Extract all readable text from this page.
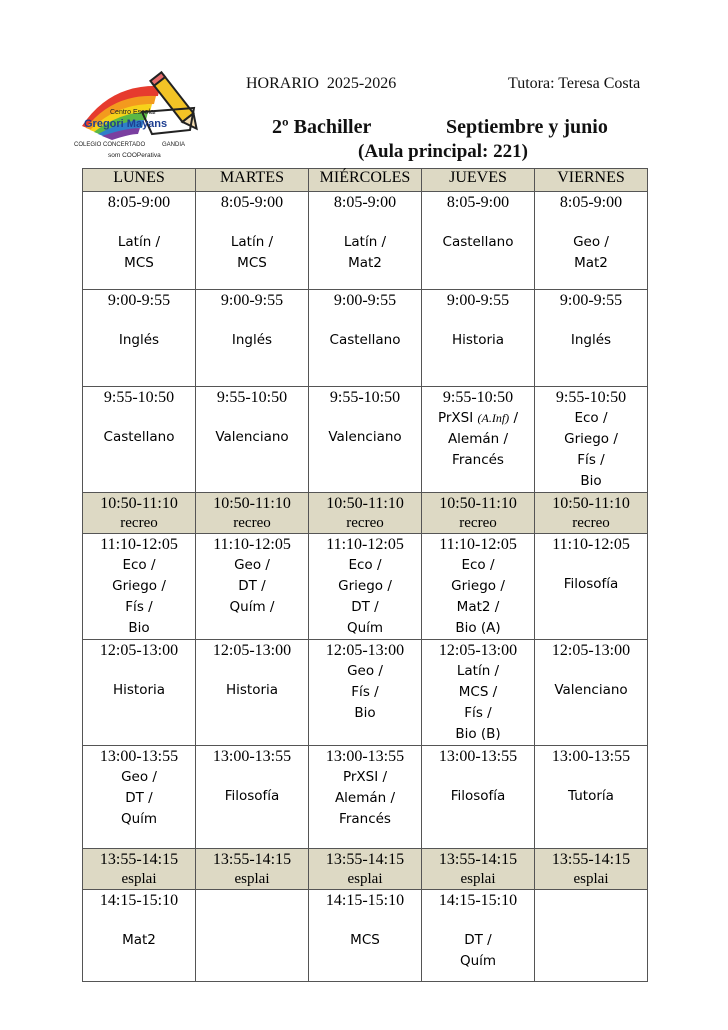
Centro Escolar
Gregori Mayans
COLEGIO CONCERTADO	GANDIA
som COOPerativa
HORARIO  2025-2026	Tutora: Teresa Costa
2º Bachiller	Septiembre y junio
(Aula principal: 221)
LUNES	MARTES	MIÉRCOLES	JUEVES	VIERNES

8:05-9:00
Latín /
MCS	8:05-9:00
Latín /
MCS	8:05-9:00
Latín /
Mat2	8:05-9:00
Castellano	8:05-9:00
Geo /
Mat2

9:00-9:55
Inglés	9:00-9:55
Inglés	9:00-9:55
Castellano	9:00-9:55
Historia	9:00-9:55
Inglés

9:55-10:50
Castellano	9:55-10:50
Valenciano	9:55-10:50
Valenciano	9:55-10:50
PrXSI (A.Inf) /
Alemán /
Francés	9:55-10:50
Eco /
Griego /
Fís /
Bio

10:50-11:10
recreo	10:50-11:10
recreo	10:50-11:10
recreo	10:50-11:10
recreo	10:50-11:10
recreo

11:10-12:05
Eco /
Griego /
Fís /
Bio	11:10-12:05
Geo /
DT /
Quím /	11:10-12:05
Eco /
Griego /
DT /
Quím	11:10-12:05
Eco /
Griego /
Mat2 /
Bio (A)	11:10-12:05
Filosofía

12:05-13:00
Historia	12:05-13:00
Historia	12:05-13:00
Geo /
Fís /
Bio	12:05-13:00
Latín /
MCS /
Fís /
Bio (B)	12:05-13:00
Valenciano

13:00-13:55
Geo /
DT /
Quím	13:00-13:55
Filosofía	13:00-13:55
PrXSI /
Alemán /
Francés	13:00-13:55
Filosofía	13:00-13:55
Tutoría

13:55-14:15
esplai	13:55-14:15
esplai	13:55-14:15
esplai	13:55-14:15
esplai	13:55-14:15
esplai

14:15-15:10
Mat2		14:15-15:10
MCS	14:15-15:10
DT /
Quím	
